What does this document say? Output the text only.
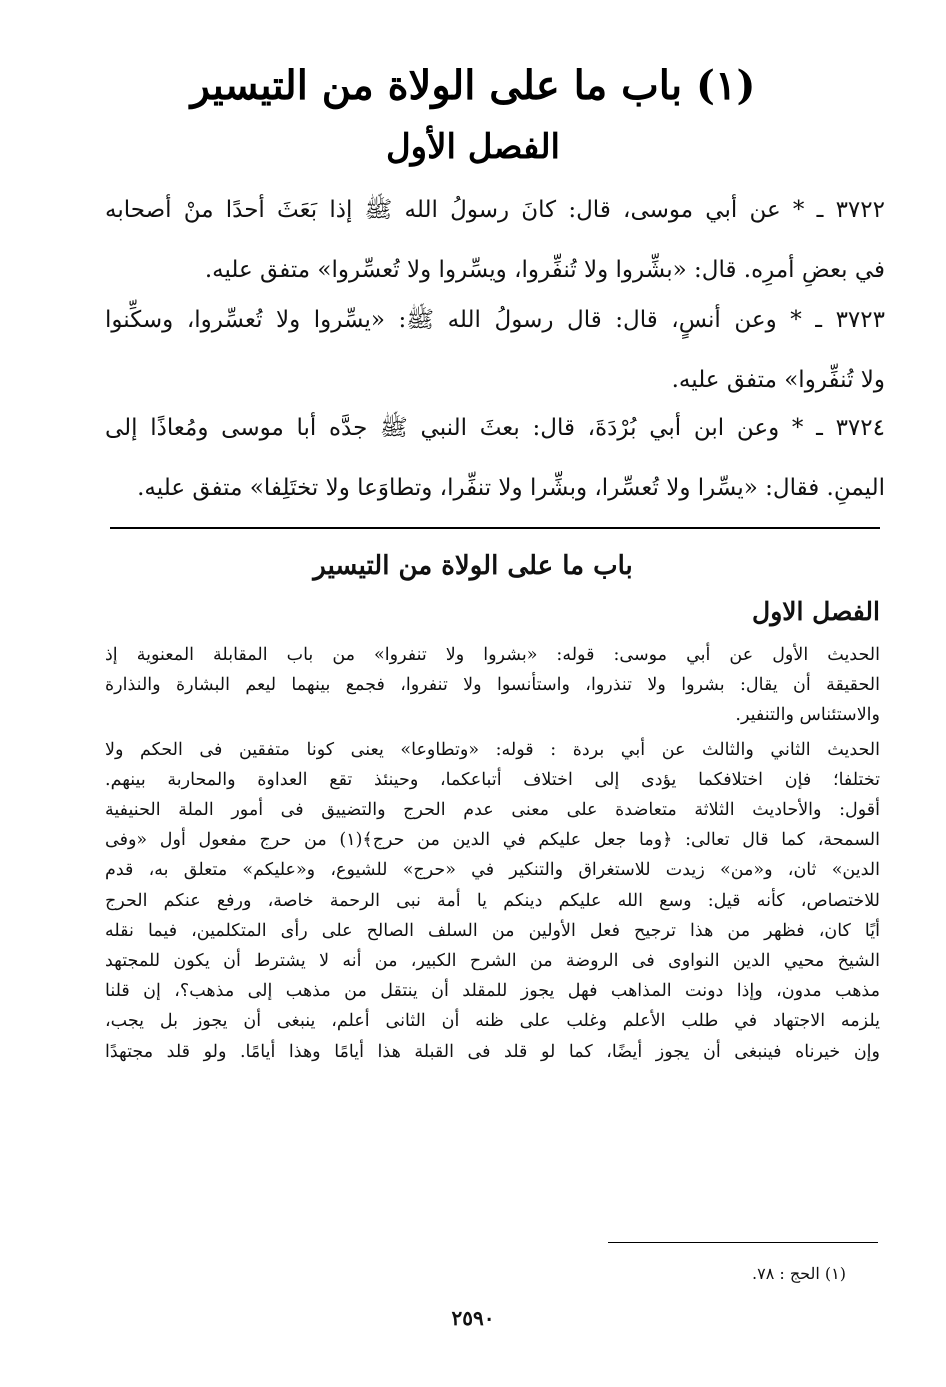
(١) باب ما على الولاة من التيسير
الفصل الأول
٣٧٢٢ ـ * عن أبي موسى، قال: كانَ رسولُ الله ﷺ إذا بَعَثَ أحدًا منْ أصحابه
في بعضِ أمرِه. قال: «بشِّروا ولا تُنفِّروا، ويسِّروا ولا تُعسِّروا» متفق عليه.
٣٧٢٣ ـ * وعن أنسٍ، قال: قال رسولُ الله ﷺ: «يسِّروا ولا تُعسِّروا، وسكِّنوا
ولا تُنفِّروا» متفق عليه.
٣٧٢٤ ـ * وعن ابن أبي بُرْدَةَ، قال: بعثَ النبي ﷺ جدَّه أبا موسى ومُعاذًا إلى
اليمنِ. فقال: «يسِّرا ولا تُعسِّرا، وبشِّرا ولا تنفِّرا، وتطاوَعا ولا تختَلِفا» متفق عليه.
باب ما على الولاة من التيسير
الفصل الاول
الحديث الأول عن أبي موسى: قوله: «بشروا ولا تنفروا» من باب المقابلة المعنوية إذ
الحقيقة أن يقال: بشروا ولا تنذروا، واستأنسوا ولا تنفروا، فجمع بينهما ليعم البشارة والنذارة
والاستئناس والتنفير.
الحديث الثاني والثالث عن أبي بردة : قوله: «وتطاوعا» يعنى كونا متفقين فى الحكم ولا
تختلفا؛ فإن اختلافكما يؤدى إلى اختلاف أتباعكما، وحينئذ تقع العداوة والمحاربة بينهم.
أقول: والأحاديث الثلاثة متعاضدة على معنى عدم الحرج والتضييق فى أمور الملة الحنيفية
السمحة، كما قال تعالى: ﴿وما جعل عليكم في الدين من حرج﴾(١) من حرج مفعول أول «وفى
الدين» ثان، و«من» زيدت للاستغراق والتنكير في «حرج» للشيوع، و«عليكم» متعلق به، قدم
للاختصاص، كأنه قيل: وسع الله عليكم دينكم يا أمة نبى الرحمة خاصة، ورفع عنكم الحرج
أيًا كان، فظهر من هذا ترجيح فعل الأولين من السلف الصالح على رأى المتكلمين، فيما نقله
الشيخ محيي الدين النواوى فى الروضة من الشرح الكبير، من أنه لا يشترط أن يكون للمجتهد
مذهب مدون، وإذا دونت المذاهب فهل يجوز للمقلد أن ينتقل من مذهب إلى مذهب؟، إن قلنا
يلزمه الاجتهاد في طلب الأعلم وغلب على ظنه أن الثانى أعلم، ينبغى أن يجوز بل يجب،
وإن خيرناه فينبغى أن يجوز أيضًا، كما لو قلد فى القبلة هذا أيامًا وهذا أيامًا. ولو قلد مجتهدًا
(١) الحج : ٧٨.
٢٥٩٠
